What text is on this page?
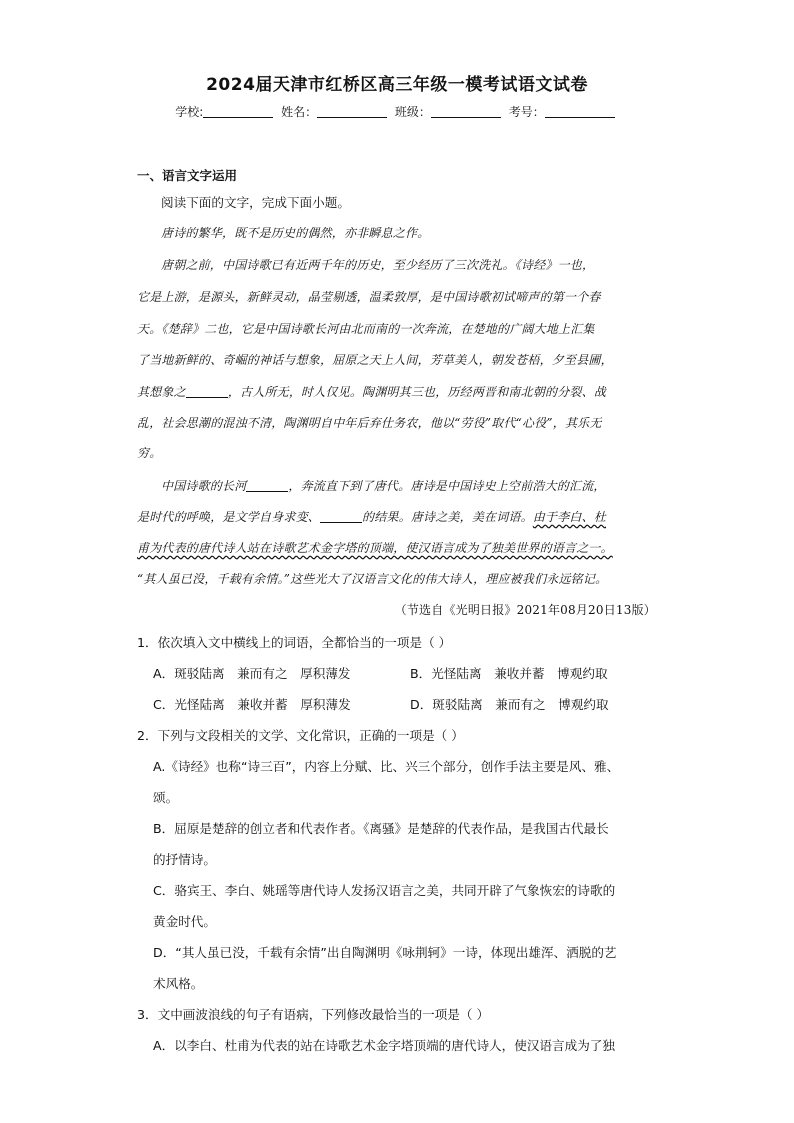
2024届天津市红桥区高三年级一模考试语文试卷
学校:	姓名：	班级：	考号：
一、语言文字运用
阅读下面的文字，完成下面小题。
唐诗的繁华，既不是历史的偶然，亦非瞬息之作。
唐朝之前，中国诗歌已有近两千年的历史，至少经历了三次洗礼。《诗经》一也，
它是上游，是源头，新鲜灵动，晶莹剔透，温柔敦厚，是中国诗歌初试啼声的第一个春
天。《楚辞》二也，它是中国诗歌长河由北而南的一次奔流，在楚地的广阔大地上汇集
了当地新鲜的、奇崛的神话与想象，屈原之天上人间，芳草美人，朝发苍梧，夕至县圃，
其想象之	，古人所无，时人仅见。陶渊明其三也，历经两晋和南北朝的分裂、战
乱，社会思潮的混浊不清，陶渊明自中年后弃仕务农，他以“劳役”取代“心役”，其乐无
穷。
中国诗歌的长河	，奔流直下到了唐代。唐诗是中国诗史上空前浩大的汇流，
是时代的呼唤，是文学自身求变、	的结果。唐诗之美，美在词语。由于李白、杜
甫为代表的唐代诗人站在诗歌艺术金字塔的顶端，使汉语言成为了独美世界的语言之一。
“其人虽已没，千载有余情。”这些光大了汉语言文化的伟大诗人，理应被我们永远铭记。
（节选自《光明日报》2021年08月20日13版）
1．依次填入文中横线上的词语，全都恰当的一项是（ ）
A．斑驳陆离　兼而有之　厚积薄发	B．光怪陆离　兼收并蓄　博观约取
C．光怪陆离　兼收并蓄　厚积薄发	D．斑驳陆离　兼而有之　博观约取
2．下列与文段相关的文学、文化常识，正确的一项是（ ）
A.《诗经》也称“诗三百”，内容上分赋、比、兴三个部分，创作手法主要是风、雅、
颂。
B．屈原是楚辞的创立者和代表作者。《离骚》是楚辞的代表作品，是我国古代最长
的抒情诗。
C．骆宾王、李白、姚瑶等唐代诗人发扬汉语言之美，共同开辟了气象恢宏的诗歌的
黄金时代。
D．“其人虽已没，千载有余情”出自陶渊明《咏荆轲》一诗，体现出雄浑、洒脱的艺
术风格。
3．文中画波浪线的句子有语病，下列修改最恰当的一项是（ ）
A．以李白、杜甫为代表的站在诗歌艺术金字塔顶端的唐代诗人，使汉语言成为了独
